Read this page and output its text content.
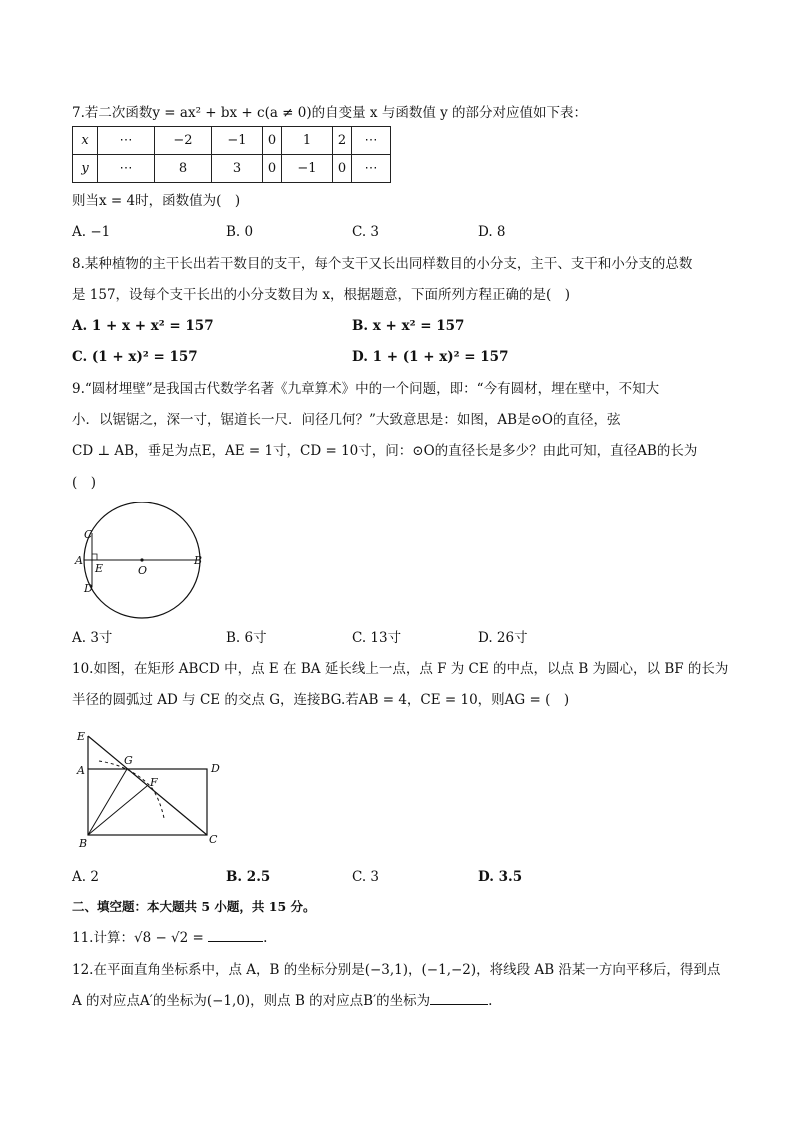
7.若二次函数y = ax² + bx + c(a ≠ 0)的自变量 x 与函数值 y 的部分对应值如下表：
x	⋯	−2	−1	0	1	2	⋯
y	⋯	8	3	0	−1	0	⋯
则当x = 4时，函数值为(　)
A. −1	B. 0	C. 3	D. 8
8.某种植物的主干长出若干数目的支干，每个支干又长出同样数目的小分支，主干、支干和小分支的总数
是 157，设每个支干长出的小分支数目为 x，根据题意，下面所列方程正确的是(　)
A. 1 + x + x² = 157	B. x + x² = 157
C. (1 + x)² = 157	D. 1 + (1 + x)² = 157
9.“圆材埋壁”是我国古代数学名著《九章算术》中的一个问题，即：“今有圆材，埋在壁中，不知大
小．以锯锯之，深一寸，锯道长一尺．问径几何？”大致意思是：如图，AB是⊙O的直径，弦
CD ⊥ AB，垂足为点E，AE = 1寸，CD = 10寸，问：⊙O的直径长是多少？由此可知，直径AB的长为
(　)
C
A
E
D
O
B
A. 3寸	B. 6寸	C. 13寸	D. 26寸
10.如图，在矩形 ABCD 中，点 E 在 BA 延长线上一点，点 F 为 CE 的中点，以点 B 为圆心，以 BF 的长为
半径的圆弧过 AD 与 CE 的交点 G，连接BG.若AB = 4，CE = 10，则AG = (　)
E
A
G
F
D
B	C
A. 2	B. 2.5	C. 3	D. 3.5
二、填空题：本大题共 5 小题，共 15 分。
11.计算：√8 − √2 =	.
12.在平面直角坐标系中，点 A，B 的坐标分别是(−3,1)，(−1,−2)，将线段 AB 沿某一方向平移后，得到点
A 的对应点A′的坐标为(−1,0)，则点 B 的对应点B′的坐标为	.
